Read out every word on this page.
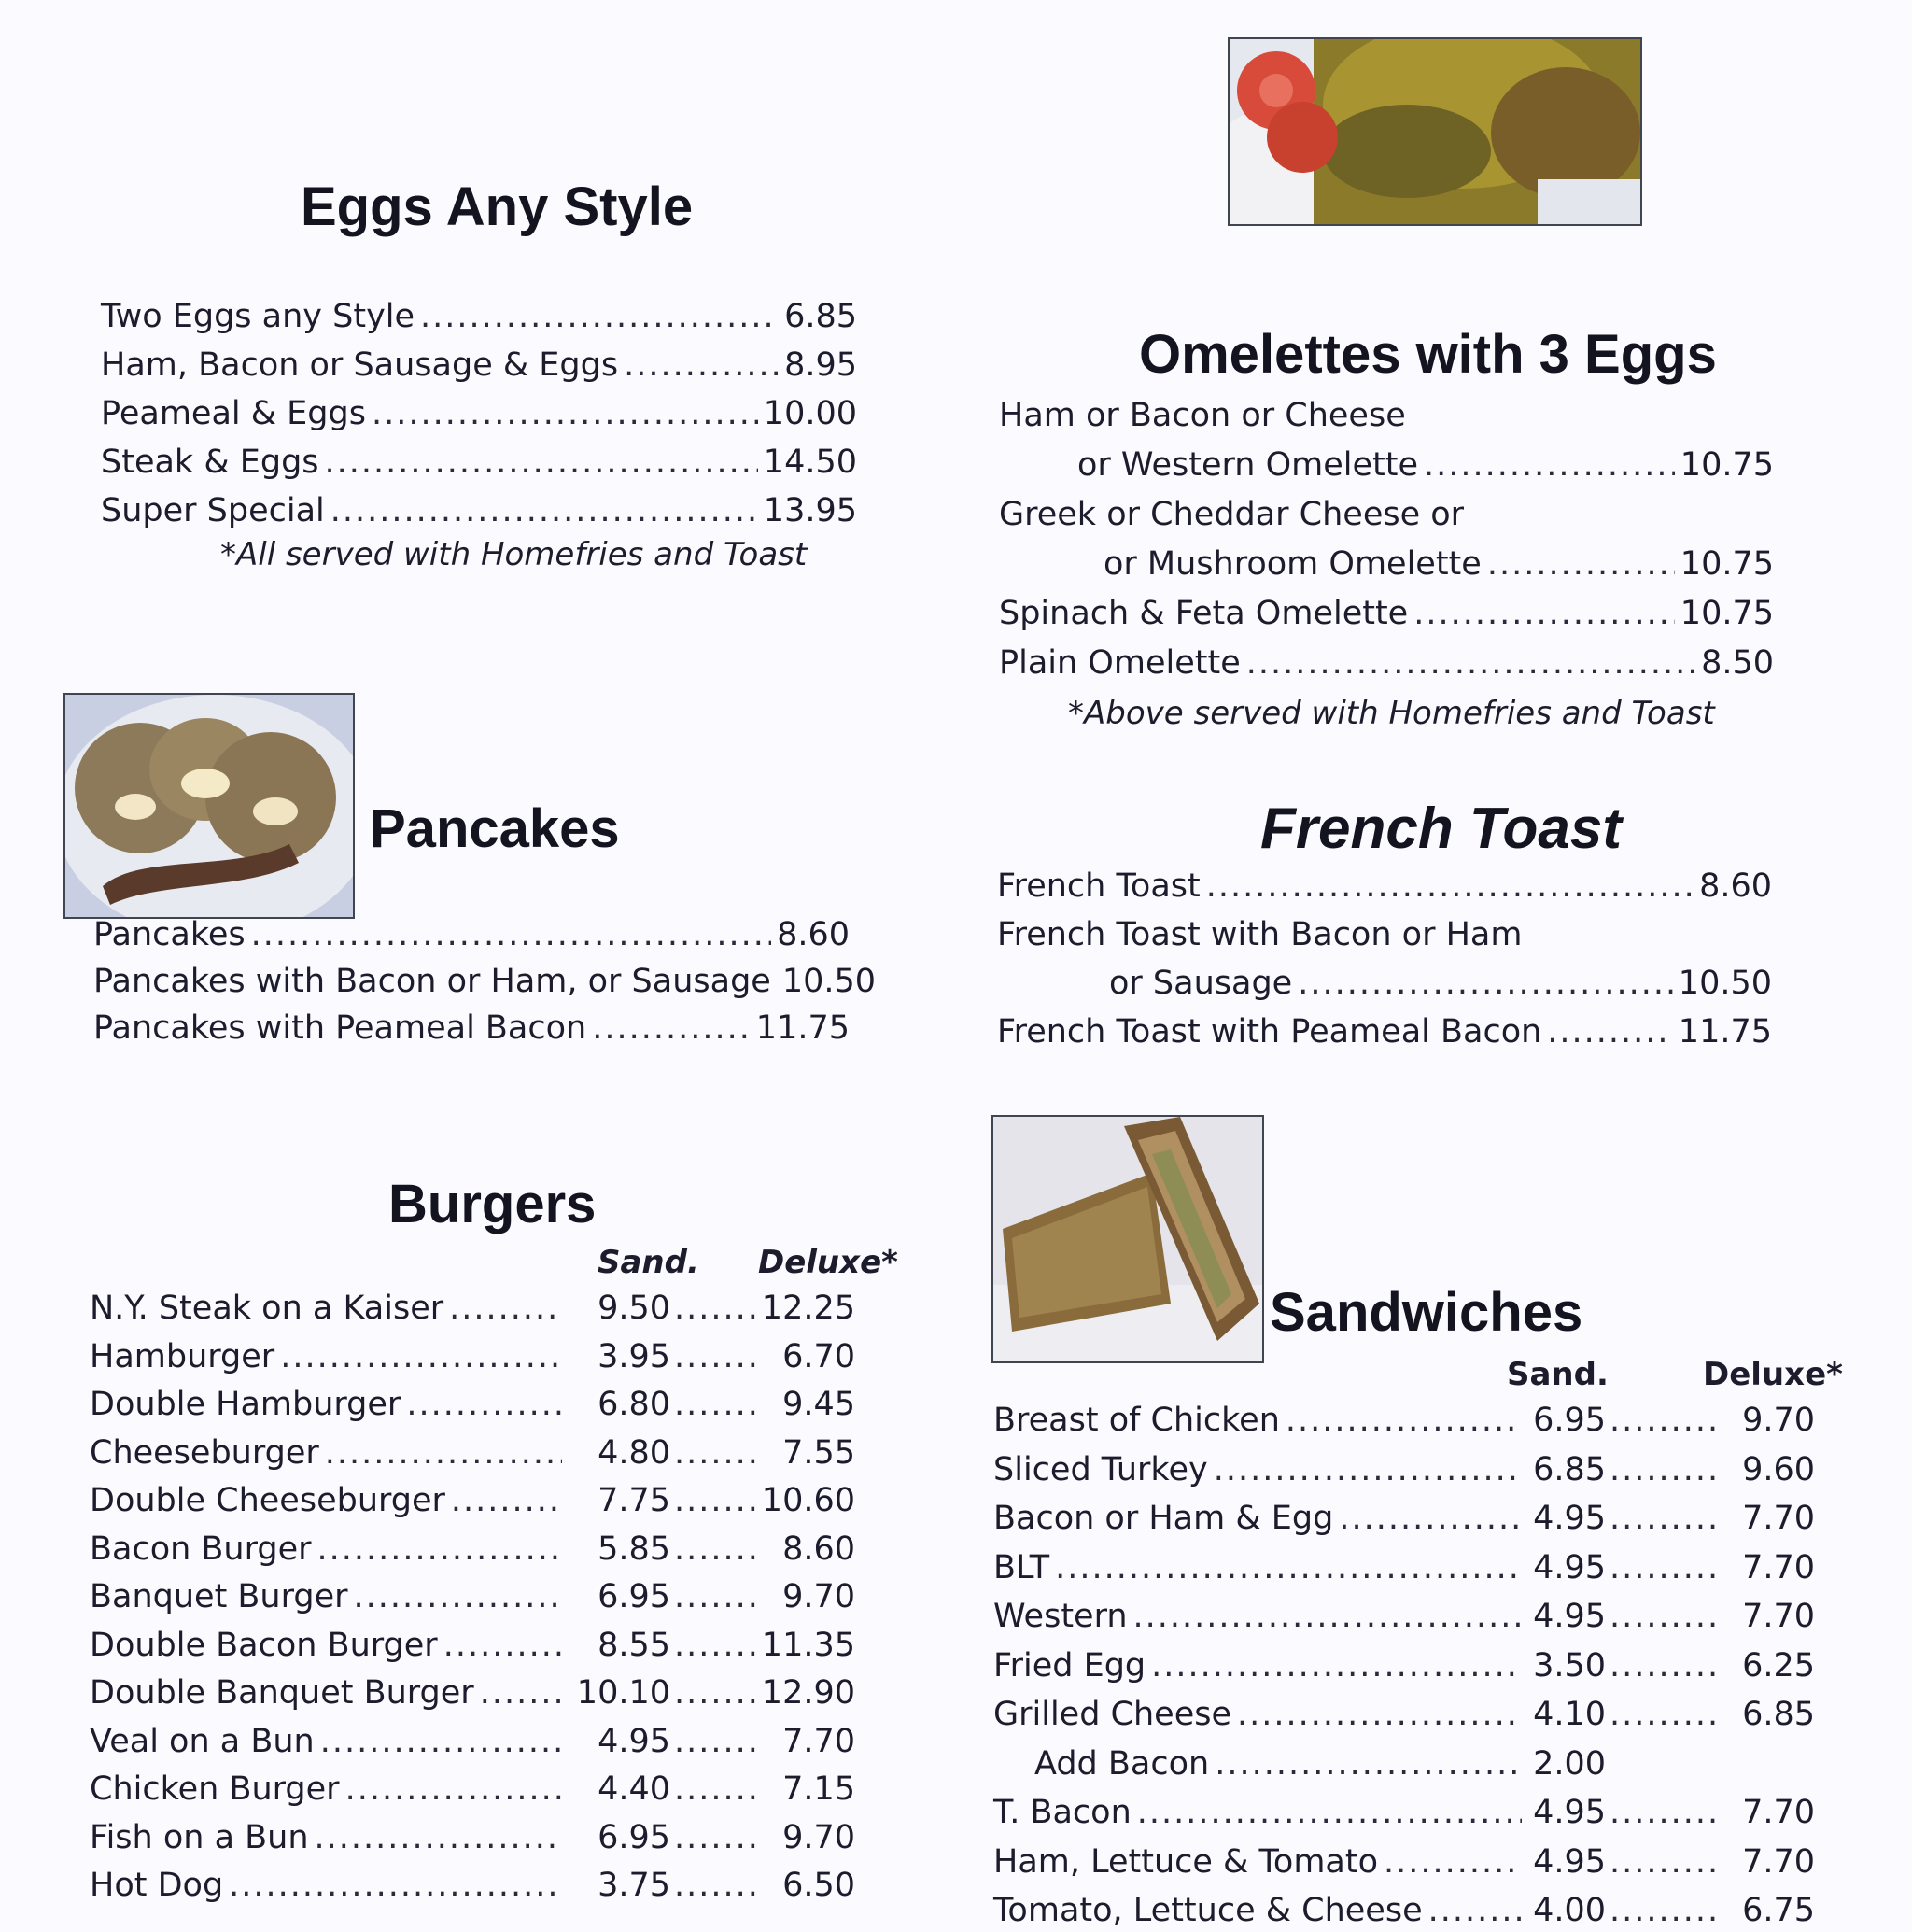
Eggs Any Style
Two Eggs any Style .....	6.85
Ham, Bacon or Sausage & Eggs .....	8.95
Peameal & Eggs .....	10.00
Steak & Eggs .....	14.50
Super Special .....	13.95
*All served with Homefries and Toast
Omelettes with 3 Eggs
Ham or Bacon or Cheese
or Western Omelette .....	10.75
Greek or Cheddar Cheese or
or Mushroom Omelette .....	10.75
Spinach & Feta Omelette .....	10.75
Plain Omelette .....	8.50
*Above served with Homefries and Toast
Pancakes
Pancakes .....	8.60
Pancakes with Bacon or Ham, or Sausage 10.50
Pancakes with Peameal Bacon .....	11.75
French Toast
French Toast .....	8.60
French Toast with Bacon or Ham
or Sausage .....	10.50
French Toast with Peameal Bacon .....	11.75
Burgers
Sand. Deluxe*
N.Y. Steak on a Kaiser .....	9.50 .....	12.25
Hamburger .....	3.95 .....	6.70
Double Hamburger .....	6.80 .....	9.45
Cheeseburger .....	4.80 .....	7.55
Double Cheeseburger .....	7.75 .....	10.60
Bacon Burger .....	5.85 .....	8.60
Banquet Burger .....	6.95 .....	9.70
Double Bacon Burger .....	8.55 .....	11.35
Double Banquet Burger .....	10.10 .....	12.90
Veal on a Bun .....	4.95 .....	7.70
Chicken Burger .....	4.40 .....	7.15
Fish on a Bun .....	6.95 .....	9.70
Hot Dog .....	3.75 .....	6.50
Sandwiches
Sand.	Deluxe*
Breast of Chicken .....	6.95 .....	9.70
Sliced Turkey .....	6.85 .....	9.60
Bacon or Ham & Egg .....	4.95 .....	7.70
BLT .....	4.95 .....	7.70
Western .....	4.95 .....	7.70
Fried Egg .....	3.50 .....	6.25
Grilled Cheese .....	4.10 .....	6.85
Add Bacon .....	2.00
T. Bacon .....	4.95 .....	7.70
Ham, Lettuce & Tomato .....	4.95 .....	7.70
Tomato, Lettuce & Cheese .....	4.00 .....	6.75
